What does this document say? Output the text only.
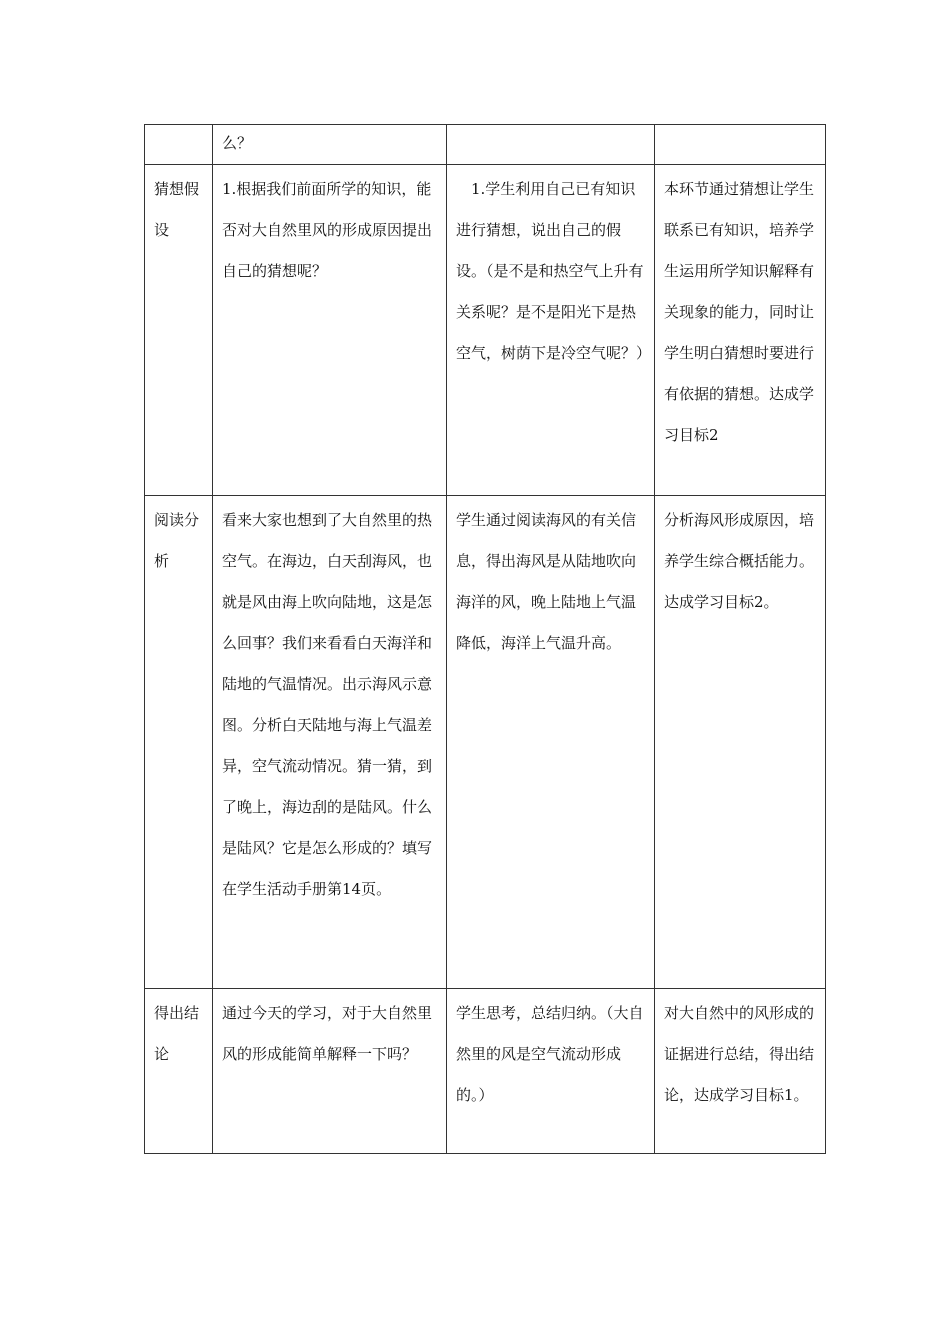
	么？		
猜想假设	1.根据我们前面所学的知识，能否对大自然里风的形成原因提出自己的猜想呢？	　1.学生利用自己已有知识进行猜想，说出自己的假设。（是不是和热空气上升有关系呢？是不是阳光下是热空气，树荫下是冷空气呢？）	本环节通过猜想让学生联系已有知识，培养学生运用所学知识解释有关现象的能力，同时让学生明白猜想时要进行有依据的猜想。达成学习目标2
阅读分析	看来大家也想到了大自然里的热空气。在海边，白天刮海风，也就是风由海上吹向陆地，这是怎么回事？我们来看看白天海洋和陆地的气温情况。出示海风示意图。分析白天陆地与海上气温差异，空气流动情况。猜一猜，到了晚上，海边刮的是陆风。什么是陆风？它是怎么形成的？填写在学生活动手册第14页。	学生通过阅读海风的有关信息，得出海风是从陆地吹向海洋的风，晚上陆地上气温降低，海洋上气温升高。	分析海风形成原因，培养学生综合概括能力。达成学习目标2。
得出结论	通过今天的学习，对于大自然里风的形成能简单解释一下吗？	学生思考，总结归纳。（大自然里的风是空气流动形成的。）	对大自然中的风形成的证据进行总结，得出结论，达成学习目标1。
